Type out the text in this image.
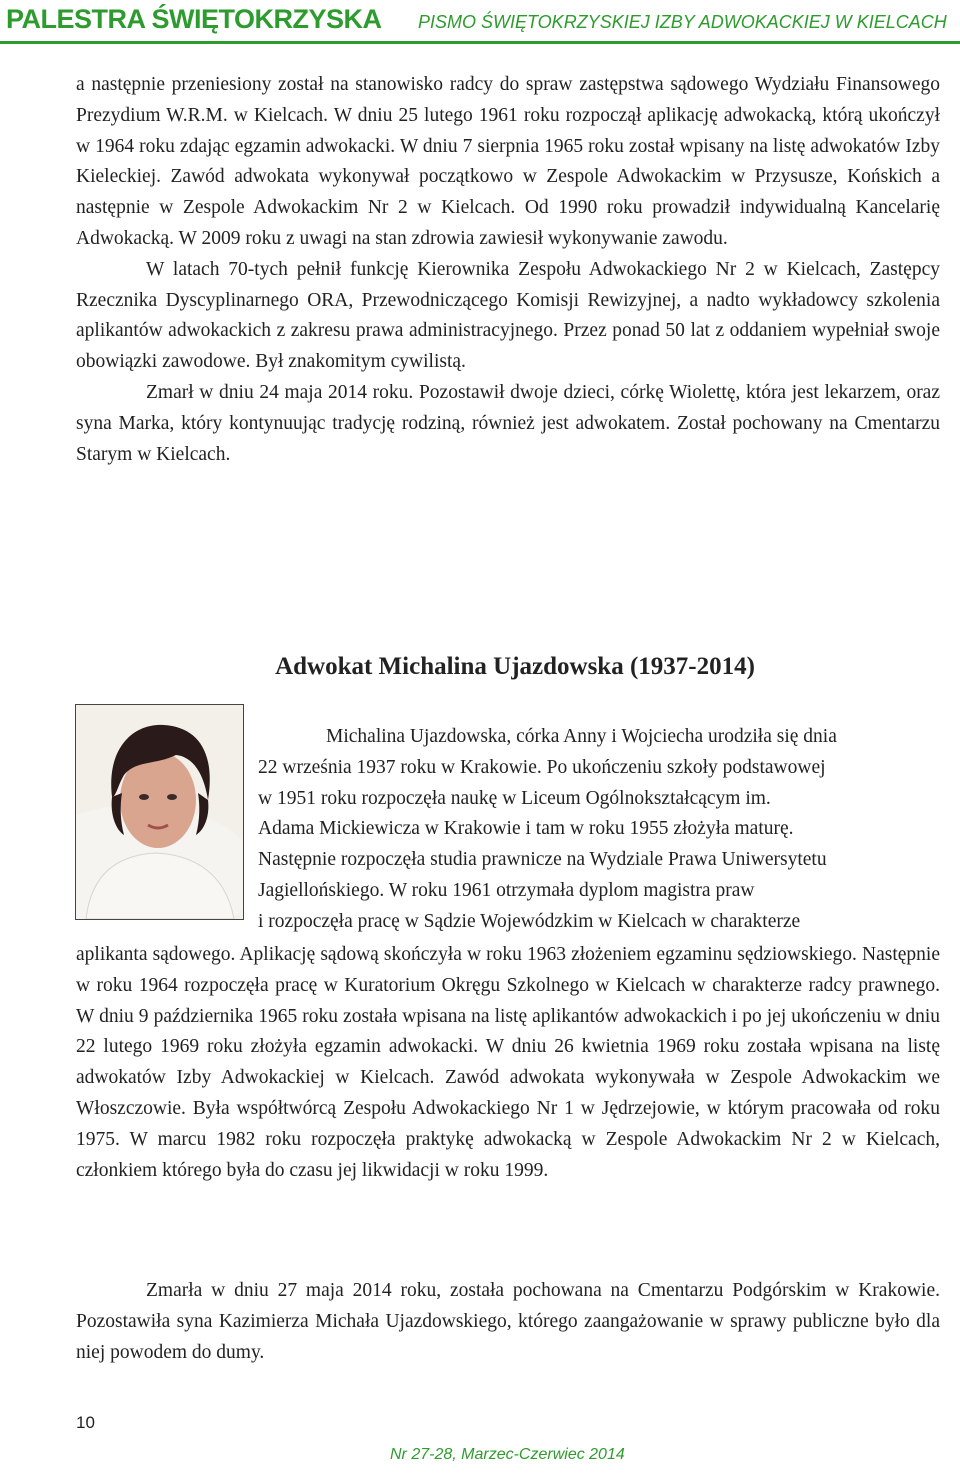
PALESTRA ŚWIĘTOKRZYSKA PISMO ŚWIĘTOKRZYSKIEJ IZBY ADWOKACKIEJ W KIELCACH

a następnie przeniesiony został na stanowisko radcy do spraw zastępstwa sądowego Wydziału Finansowego Prezydium W.R.M. w Kielcach. W dniu 25 lutego 1961 roku rozpoczął aplikację adwokacką, którą ukończył w 1964 roku zdając egzamin adwokacki. W dniu 7 sierpnia 1965 roku został wpisany na listę adwokatów Izby Kieleckiej. Zawód adwokata wykonywał początkowo w Zespole Adwokackim w Przysusze, Końskich a następnie w Zespole Adwokackim Nr 2 w Kielcach. Od 1990 roku prowadził indywidualną Kancelarię Adwokacką. W 2009 roku z uwagi na stan zdrowia zawiesił wykonywanie zawodu.

W latach 70-tych pełnił funkcję Kierownika Zespołu Adwokackiego Nr 2 w Kielcach, Zastępcy Rzecznika Dyscyplinarnego ORA, Przewodniczącego Komisji Rewizyjnej, a nadto wykładowcy szkolenia aplikantów adwokackich z zakresu prawa administracyjnego. Przez ponad 50 lat z oddaniem wypełniał swoje obowiązki zawodowe. Był znakomitym cywilistą.

Zmarł w dniu 24 maja 2014 roku. Pozostawił dwoje dzieci, córkę Wiolettę, która jest lekarzem, oraz syna Marka, który kontynuując tradycję rodziną, również jest adwokatem. Został pochowany na Cmentarzu Starym w Kielcach.

Adwokat Michalina Ujazdowska (1937-2014)

Michalina Ujazdowska, córka Anny i Wojciecha urodziła się dnia

22 września 1937 roku w Krakowie. Po ukończeniu szkoły podstawowej

w 1951 roku rozpoczęła naukę w Liceum Ogólnokształcącym im.

Adama Mickiewicza w Krakowie i tam w roku 1955 złożyła maturę.

Następnie rozpoczęła studia prawnicze na Wydziale Prawa Uniwersytetu

Jagiellońskiego. W roku 1961 otrzymała dyplom magistra praw

i rozpoczęła pracę w Sądzie Wojewódzkim w Kielcach w charakterze

aplikanta sądowego. Aplikację sądową skończyła w roku 1963 złożeniem egzaminu sędziowskiego. Następnie w roku 1964 rozpoczęła pracę w Kuratorium Okręgu Szkolnego w Kielcach w charakterze radcy prawnego. W dniu 9 października 1965 roku została wpisana na listę aplikantów adwokackich i po jej ukończeniu w dniu 22 lutego 1969 roku złożyła egzamin adwokacki. W dniu 26 kwietnia 1969 roku została wpisana na listę adwokatów Izby Adwokackiej w Kielcach. Zawód adwokata wykonywała w Zespole Adwokackim we Włoszczowie. Była współtwórcą Zespołu Adwokackiego Nr 1 w Jędrzejowie, w którym pracowała od roku 1975. W marcu 1982 roku rozpoczęła praktykę adwokacką w Zespole Adwokackim Nr 2 w Kielcach, członkiem którego była do czasu jej likwidacji w roku 1999.

Zmarła w dniu 27 maja 2014 roku, została pochowana na Cmentarzu Podgórskim w Krakowie. Pozostawiła syna Kazimierza Michała Ujazdowskiego, którego zaangażowanie w sprawy publiczne było dla niej powodem do dumy.

10
Nr 27-28, Marzec-Czerwiec 2014
